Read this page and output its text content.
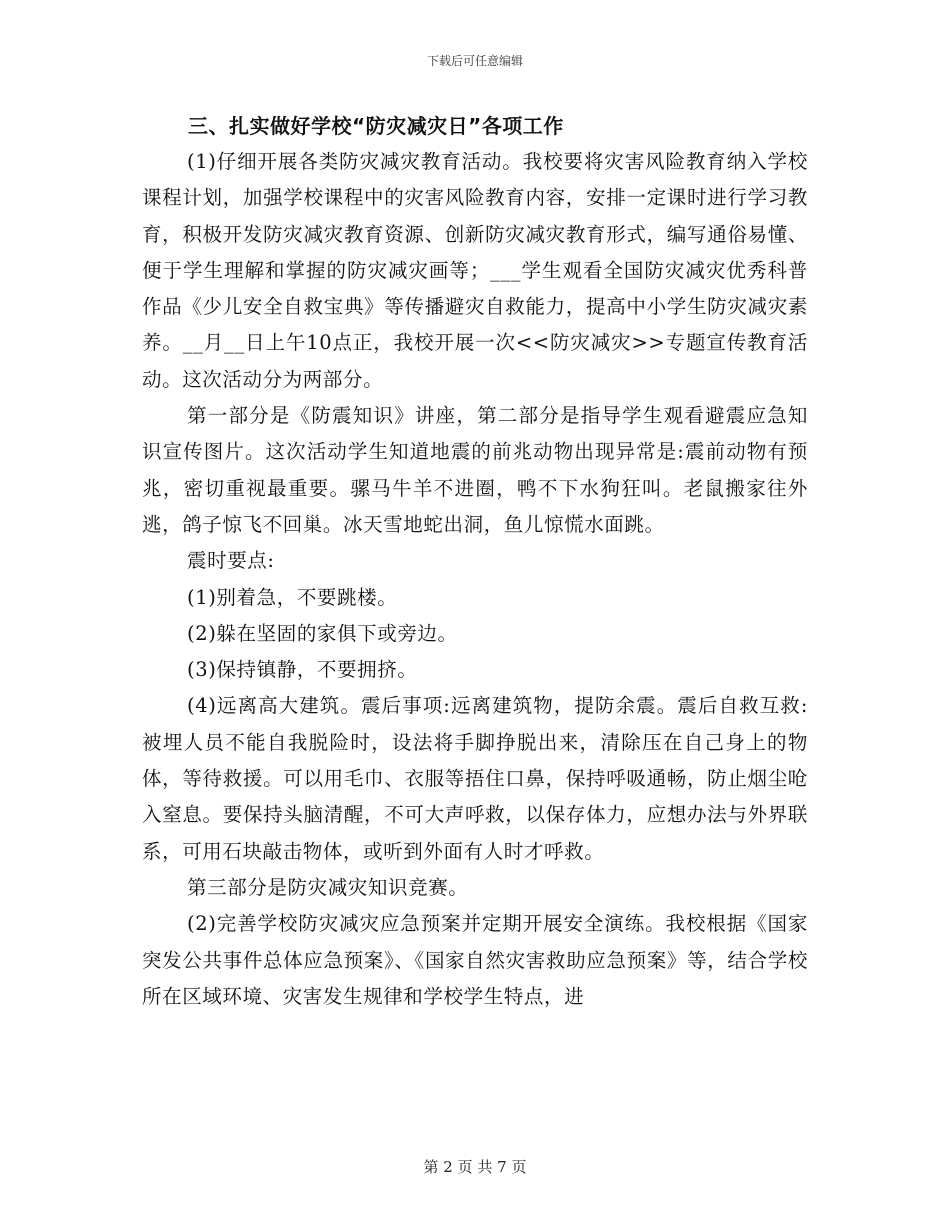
下载后可任意编辑
三、扎实做好学校“防灾减灾日”各项工作

(1)仔细开展各类防灾减灾教育活动。我校要将灾害风险教育纳入学校课程计划，加强学校课程中的灾害风险教育内容，安排一定课时进行学习教育，积极开发防灾减灾教育资源、创新防灾减灾教育形式，编写通俗易懂、便于学生理解和掌握的防灾减灾画等；___学生观看全国防灾减灾优秀科普作品《少儿安全自救宝典》等传播避灾自救能力，提高中小学生防灾减灾素养。__月__日上午10点正，我校开展一次<<防灾减灾>>专题宣传教育活动。这次活动分为两部分。

第一部分是《防震知识》讲座，第二部分是指导学生观看避震应急知识宣传图片。这次活动学生知道地震的前兆动物出现异常是:震前动物有预兆，密切重视最重要。骡马牛羊不进圈，鸭不下水狗狂叫。老鼠搬家往外逃，鸽子惊飞不回巢。冰天雪地蛇出洞，鱼儿惊慌水面跳。

震时要点:

(1)别着急，不要跳楼。

(2)躲在坚固的家俱下或旁边。

(3)保持镇静，不要拥挤。

(4)远离高大建筑。震后事项:远离建筑物，提防余震。震后自救互救:被埋人员不能自我脱险时，设法将手脚挣脱出来，清除压在自己身上的物体，等待救援。可以用毛巾、衣服等捂住口鼻，保持呼吸通畅，防止烟尘呛入窒息。要保持头脑清醒，不可大声呼救，以保存体力，应想办法与外界联系，可用石块敲击物体，或听到外面有人时才呼救。

第三部分是防灾减灾知识竞赛。

(2)完善学校防灾减灾应急预案并定期开展安全演练。我校根据《国家突发公共事件总体应急预案》、《国家自然灾害救助应急预案》等，结合学校所在区域环境、灾害发生规律和学校学生特点，进

第 2 页 共 7 页
